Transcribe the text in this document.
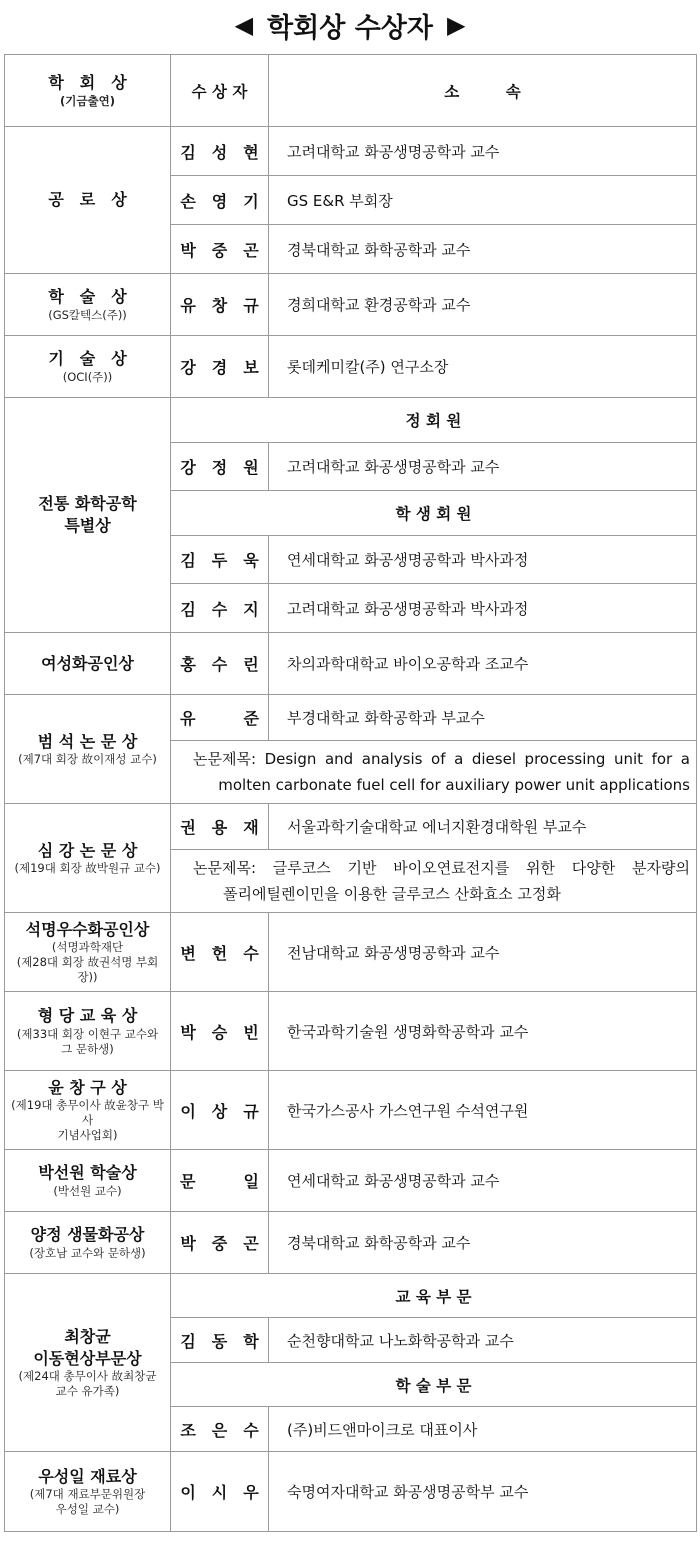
◀ 학회상 수상자 ▶
학　회　상
(기금출연)	수 상 자	소　　　속

공　로　상	김　성　현	고려대학교 화공생명공학과 교수
	손　영　기	GS E&R 부회장
	박　중　곤	경북대학교 화학공학과 교수

학　술　상
(GS칼텍스(주))	유　창　규	경희대학교 환경공학과 교수

기　술　상
(OCI(주))	강　경　보	롯데케미칼(주) 연구소장

전통 화학공학
특별상	정 회 원	
	강　정　원	고려대학교 화공생명공학과 교수
	학 생 회 원	
	김　두　욱	연세대학교 화공생명공학과 박사과정
	김　수　지	고려대학교 화공생명공학과 박사과정

여성화공인상	홍　수　린	차의과학대학교 바이오공학과 조교수

범 석 논 문 상
(제7대 회장 故이재성 교수)	유　　　준	부경대학교 화학공학과 부교수

	논문제목: Design and analysis of a diesel processing unit for a
molten carbonate fuel cell for auxiliary power unit applications	

심 강 논 문 상
(제19대 회장 故박원규 교수)	권　용　재	서울과학기술대학교 에너지환경대학원 부교수

	논문제목: 글루코스 기반 바이오연료전지를 위한 다양한 분자량의
폴리에틸렌이민을 이용한 글루코스 산화효소 고정화	

석명우수화공인상
(석명과학재단
(제28대 회장 故권석명 부회장))	변　헌　수	전남대학교 화공생명공학과 교수

형 당 교 육 상
(제33대 회장 이현구 교수와
그 문하생)	박　승　빈	한국과학기술원 생명화학공학과 교수

윤 창 구 상
(제19대 총무이사 故윤창구 박사
기념사업회)	이　상　규	한국가스공사 가스연구원 수석연구원

박선원 학술상
(박선원 교수)	문　　　일	연세대학교 화공생명공학과 교수

양정 생물화공상
(장호남 교수와 문하생)	박　중　곤	경북대학교 화학공학과 교수

최창균
이동현상부문상
(제24대 총무이사 故최창균
교수 유가족)	교 육 부 문	
	김　동　학	순천향대학교 나노화학공학과 교수
	학 술 부 문	
	조　은　수	(주)비드앤마이크로 대표이사

우성일 재료상
(제7대 재료부문위원장
우성일 교수)	이　시　우	숙명여자대학교 화공생명공학부 교수
